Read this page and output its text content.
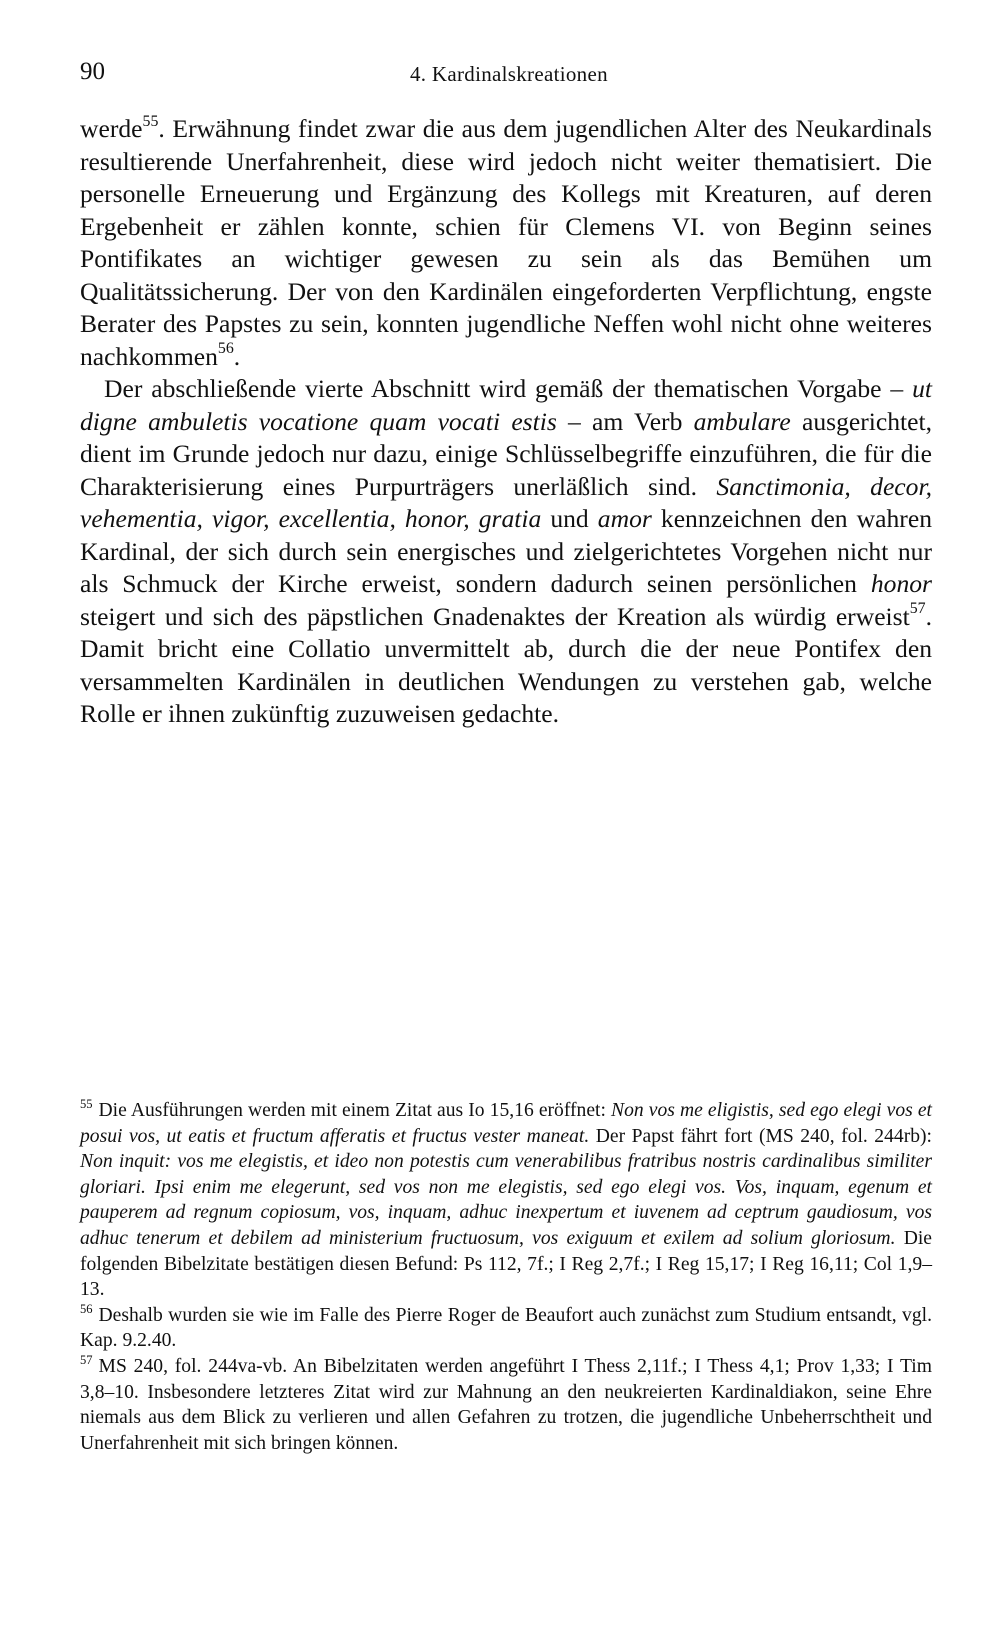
90	4. Kardinalskreationen

werde$^{55}$. Erwähnung findet zwar die aus dem jugendlichen Alter des Neukardinals resultierende Unerfahrenheit, diese wird jedoch nicht weiter thematisiert. Die personelle Erneuerung und Ergänzung des Kollegs mit Kreaturen, auf deren Ergebenheit er zählen konnte, schien für Clemens VI. von Beginn seines Pontifikates an wichtiger gewesen zu sein als das Bemühen um Qualitätssicherung. Der von den Kardinälen eingeforderten Verpflichtung, engste Berater des Papstes zu sein, konnten jugendliche Neffen wohl nicht ohne weiteres nachkommen$^{56}$.

Der abschließende vierte Abschnitt wird gemäß der thematischen Vorgabe – ut digne ambuletis vocatione quam vocati estis – am Verb ambulare ausgerichtet, dient im Grunde jedoch nur dazu, einige Schlüsselbegriffe einzuführen, die für die Charakterisierung eines Purpurträgers unerläßlich sind. Sanctimonia, decor, vehementia, vigor, excellentia, honor, gratia und amor kennzeichnen den wahren Kardinal, der sich durch sein energisches und zielgerichtetes Vorgehen nicht nur als Schmuck der Kirche erweist, sondern dadurch seinen persönlichen honor steigert und sich des päpstlichen Gnadenaktes der Kreation als würdig erweist$^{57}$. Damit bricht eine Collatio unvermittelt ab, durch die der neue Pontifex den versammelten Kardinälen in deutlichen Wendungen zu verstehen gab, welche Rolle er ihnen zukünftig zuzuweisen gedachte.

$^{55}$ Die Ausführungen werden mit einem Zitat aus Io 15,16 eröffnet: Non vos me eligistis, sed ego elegi vos et posui vos, ut eatis et fructum afferatis et fructus vester maneat. Der Papst fährt fort (MS 240, fol. 244rb): Non inquit: vos me elegistis, et ideo non potestis cum venerabilibus fratribus nostris cardinalibus similiter gloriari. Ipsi enim me elegerunt, sed vos non me elegistis, sed ego elegi vos. Vos, inquam, egenum et pauperem ad regnum copiosum, vos, inquam, adhuc inexpertum et iuvenem ad ceptrum gaudiosum, vos adhuc tenerum et debilem ad ministerium fructuosum, vos exiguum et exilem ad solium gloriosum. Die folgenden Bibelzitate bestätigen diesen Befund: Ps 112, 7f.; I Reg 2,7f.; I Reg 15,17; I Reg 16,11; Col 1,9–13.

$^{56}$ Deshalb wurden sie wie im Falle des Pierre Roger de Beaufort auch zunächst zum Studium entsandt, vgl. Kap. 9.2.40.

$^{57}$ MS 240, fol. 244va-vb. An Bibelzitaten werden angeführt I Thess 2,11f.; I Thess 4,1; Prov 1,33; I Tim 3,8–10. Insbesondere letzteres Zitat wird zur Mahnung an den neukreierten Kardinaldiakon, seine Ehre niemals aus dem Blick zu verlieren und allen Gefahren zu trotzen, die jugendliche Unbeherrschtheit und Unerfahrenheit mit sich bringen können.
